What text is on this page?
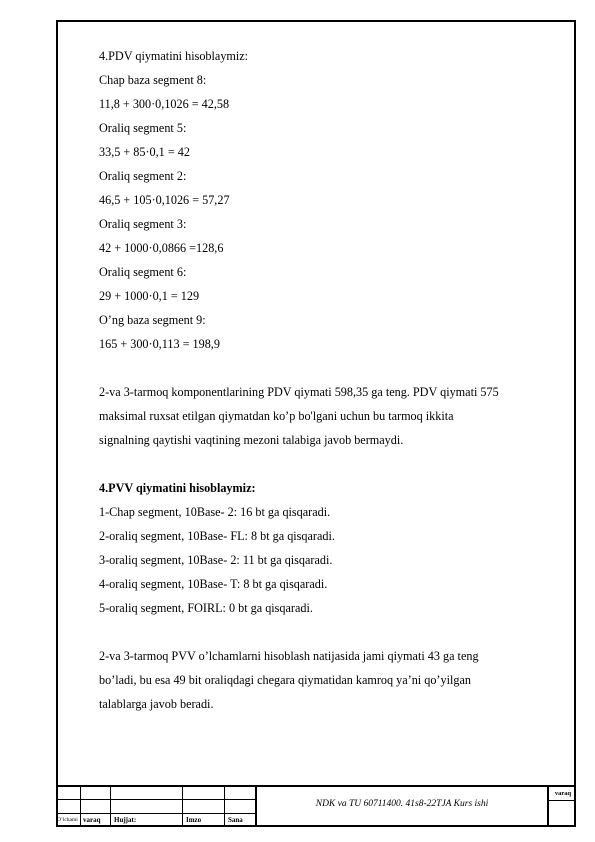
4.PDV qiymatini hisoblaymiz:
Chap baza segment 8:
11,8 + 300·0,1026 = 42,58
Oraliq segment 5:
33,5 + 85·0,1 = 42
Oraliq segment 2:
46,5 + 105·0,1026 = 57,27
Oraliq segment 3:
42 + 1000·0,0866 =128,6
Oraliq segment 6:
29 + 1000·0,1 = 129
O’ng baza segment 9:
165 + 300·0,113 = 198,9
2-va 3-tarmoq komponentlarining PDV qiymati 598,35 ga teng. PDV qiymati 575
maksimal ruxsat etilgan qiymatdan ko’p bo'lgani uchun bu tarmoq ikkita
signalning qaytishi vaqtining mezoni talabiga javob bermaydi.
4.PVV qiymatini hisoblaymiz:
1-Chap segment, 10Base- 2: 16 bt ga qisqaradi.
2-oraliq segment, 10Base- FL: 8 bt ga qisqaradi.
3-oraliq segment, 10Base- 2: 11 bt ga qisqaradi.
4-oraliq segment, 10Base- T: 8 bt ga qisqaradi.
5-oraliq segment, FOIRL: 0 bt ga qisqaradi.
2-va 3-tarmoq PVV o’lchamlarni hisoblash natijasida jami qiymati 43 ga teng
bo’ladi, bu esa 49 bit oraliqdagi chegara qiymatidan kamroq ya’ni qo’yilgan
talablarga javob beradi.
NDK va TU 60711400. 41s8-22TJA Kurs ishi
varaq
O’lchami varaq Hujjat:	Imzo	Sana
